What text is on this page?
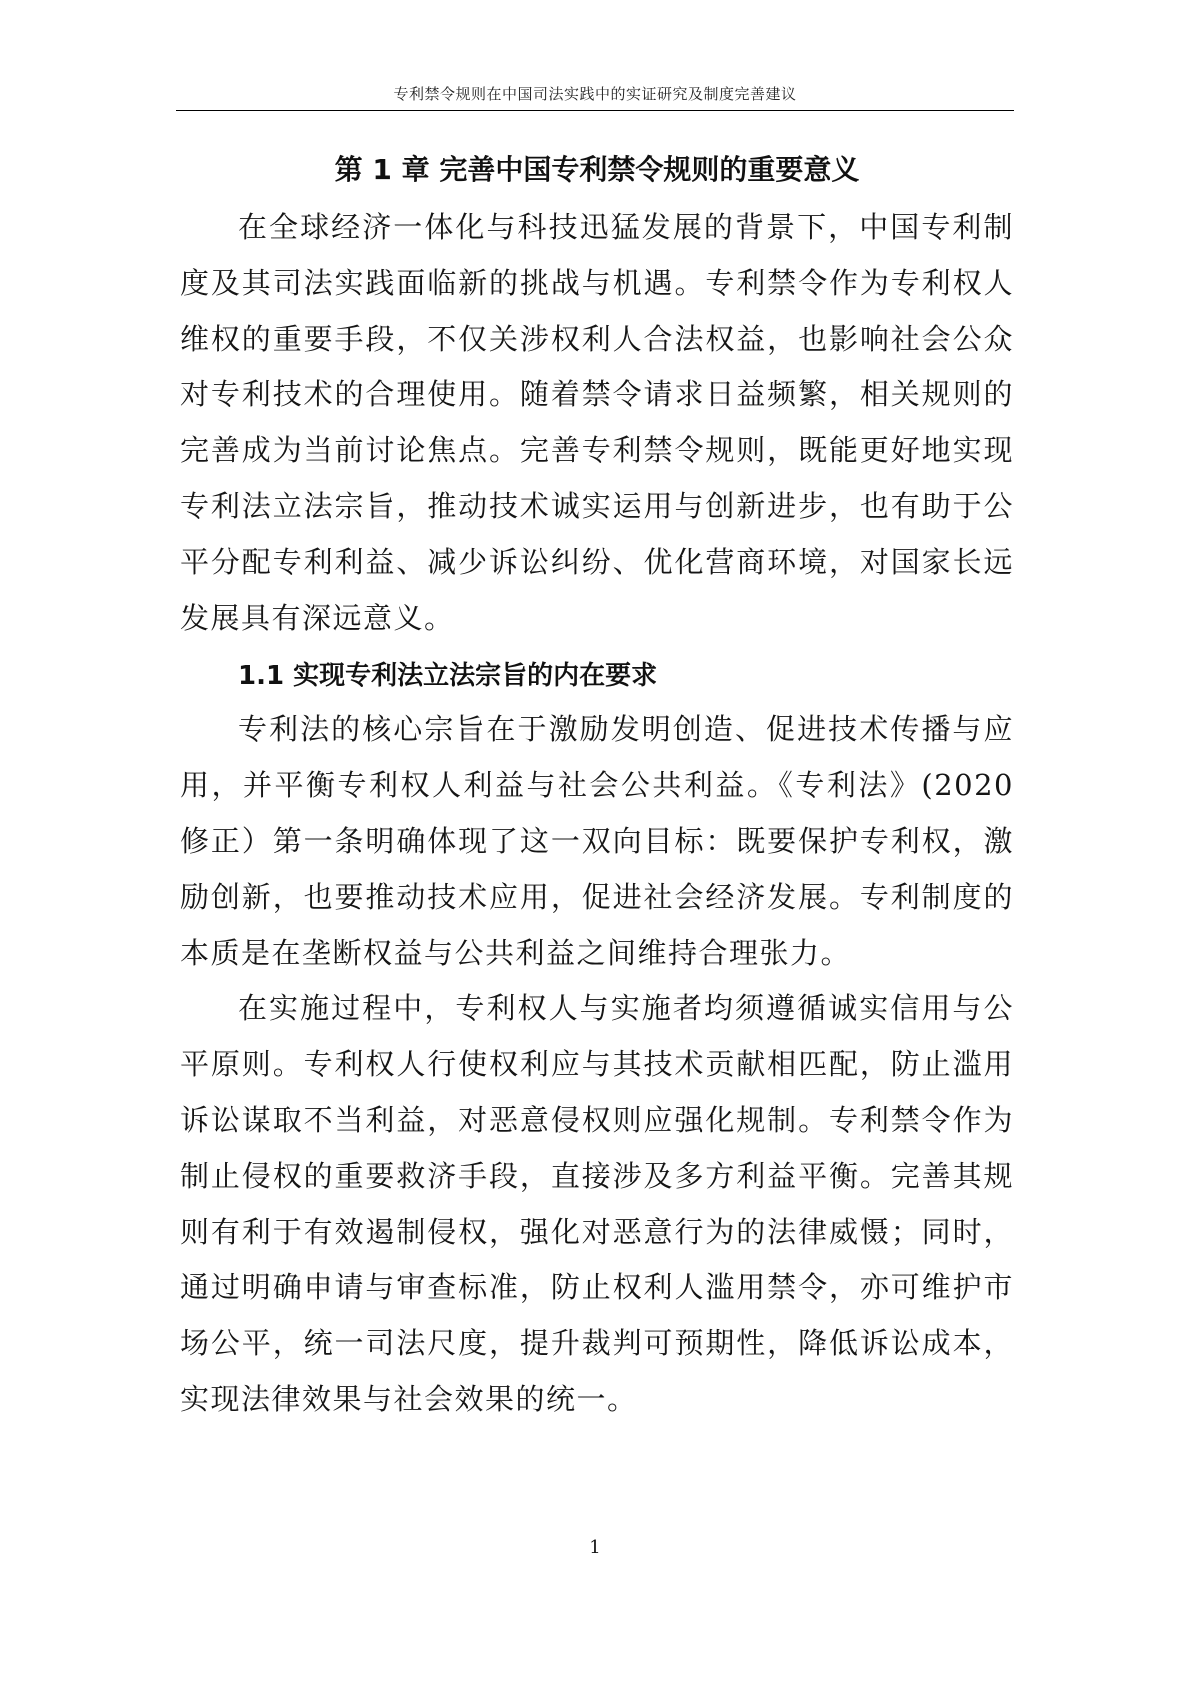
专利禁令规则在中国司法实践中的实证研究及制度完善建议
第 1 章 完善中国专利禁令规则的重要意义

在全球经济一体化与科技迅猛发展的背景下，中国专利制度及其司法实践面临新的挑战与机遇。专利禁令作为专利权人维权的重要手段，不仅关涉权利人合法权益，也影响社会公众对专利技术的合理使用。随着禁令请求日益频繁，相关规则的完善成为当前讨论焦点。完善专利禁令规则，既能更好地实现专利法立法宗旨，推动技术诚实运用与创新进步，也有助于公平分配专利利益、减少诉讼纠纷、优化营商环境，对国家长远发展具有深远意义。

1.1 实现专利法立法宗旨的内在要求

专利法的核心宗旨在于激励发明创造、促进技术传播与应用，并平衡专利权人利益与社会公共利益。《专利法》(2020 修正）第一条明确体现了这一双向目标：既要保护专利权，激励创新，也要推动技术应用，促进社会经济发展。专利制度的本质是在垄断权益与公共利益之间维持合理张力。

在实施过程中，专利权人与实施者均须遵循诚实信用与公平原则。专利权人行使权利应与其技术贡献相匹配，防止滥用诉讼谋取不当利益，对恶意侵权则应强化规制。专利禁令作为制止侵权的重要救济手段，直接涉及多方利益平衡。完善其规则有利于有效遏制侵权，强化对恶意行为的法律威慑；同时，通过明确申请与审查标准，防止权利人滥用禁令，亦可维护市场公平，统一司法尺度，提升裁判可预期性，降低诉讼成本，实现法律效果与社会效果的统一。

1
